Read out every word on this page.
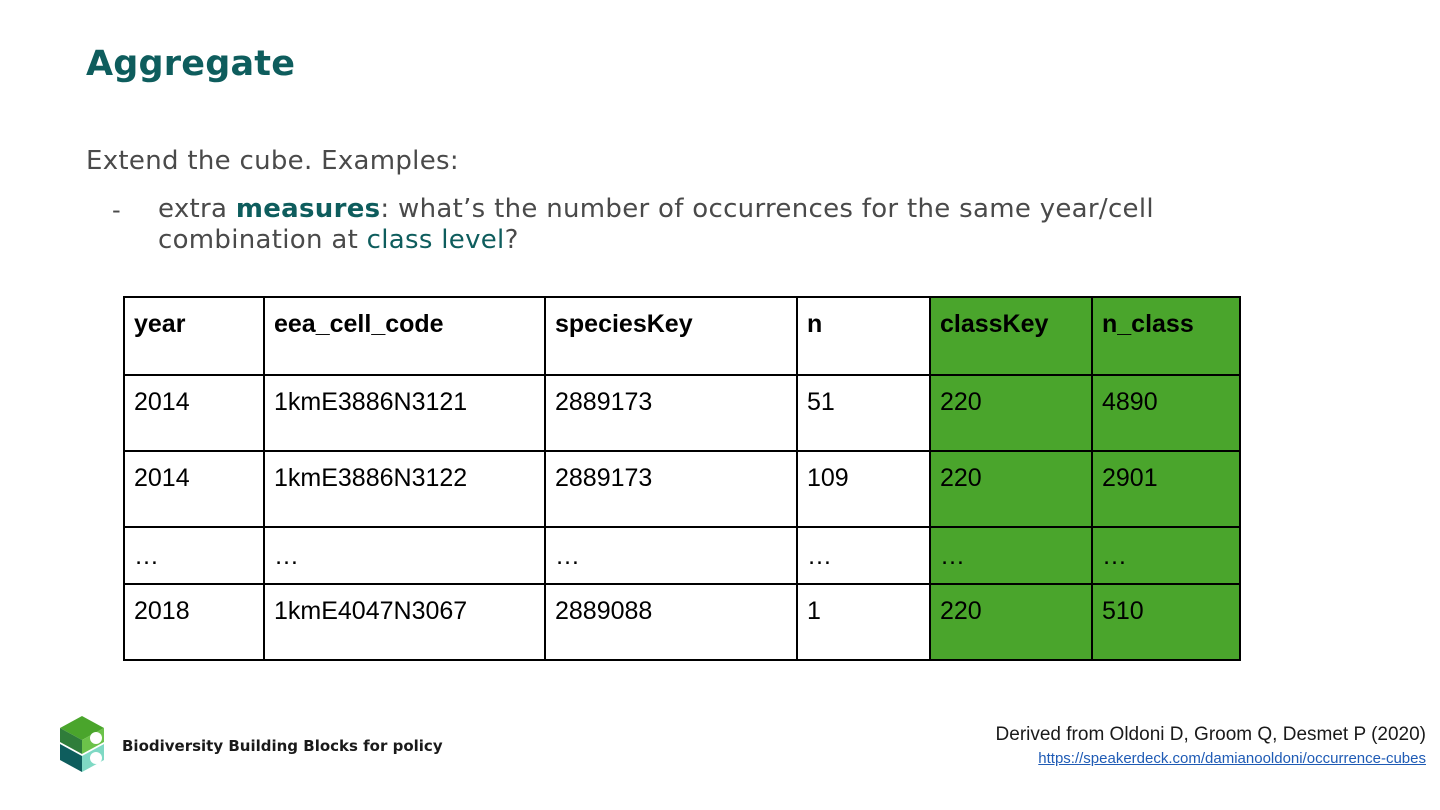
Aggregate
Extend the cube. Examples:
- extra measures: what’s the number of occurrences for the same year/cell combination at class level?
year	eea_cell_code	speciesKey	n	classKey	n_class
2014	1kmE3886N3121	2889173	51	220	4890
2014	1kmE3886N3122	2889173	109	220	2901
…	…	…	…	…	…
2018	1kmE4047N3067	2889088	1	220	510
Biodiversity Building Blocks for policy
Derived from Oldoni D, Groom Q, Desmet P (2020)
https://speakerdeck.com/damianooldoni/occurrence-cubes
